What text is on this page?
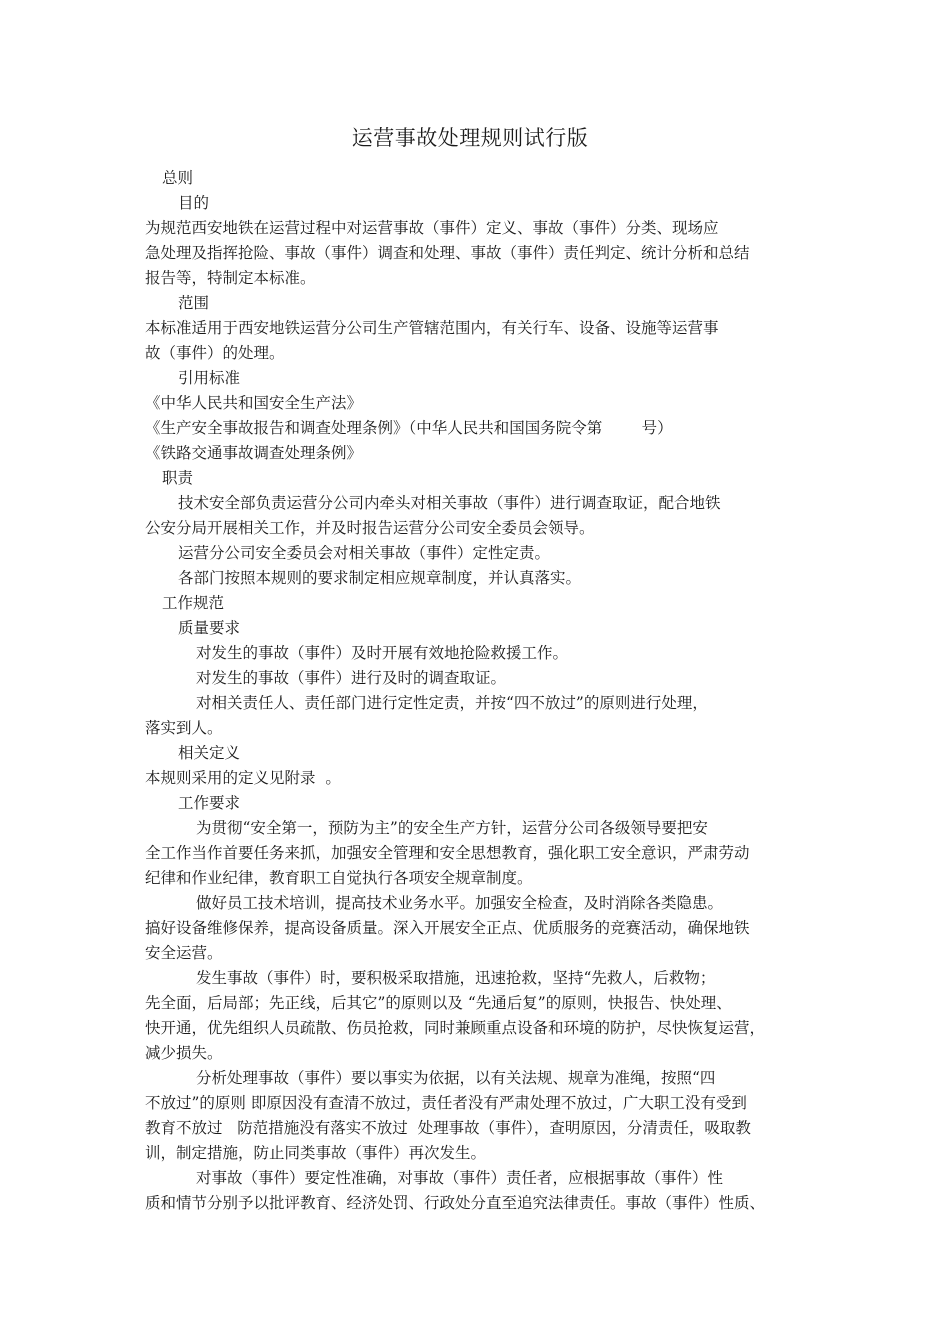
运营事故处理规则试行版
总则
目的
为规范西安地铁在运营过程中对运营事故（事件）定义、事故（事件）分类、现场应
急处理及指挥抢险、事故（事件）调查和处理、事故（事件）责任判定、统计分析和总结
报告等，特制定本标准。
范围
本标准适用于西安地铁运营分公司生产管辖范围内，有关行车、设备、设施等运营事
故（事件）的处理。
引用标准
《中华人民共和国安全生产法》
《生产安全事故报告和调查处理条例》（中华人民共和国国务院令第        号）
《铁路交通事故调查处理条例》
职责
技术安全部负责运营分公司内牵头对相关事故（事件）进行调查取证，配合地铁
公安分局开展相关工作，并及时报告运营分公司安全委员会领导。
运营分公司安全委员会对相关事故（事件）定性定责。
各部门按照本规则的要求制定相应规章制度，并认真落实。
工作规范
质量要求
对发生的事故（事件）及时开展有效地抢险救援工作。
对发生的事故（事件）进行及时的调查取证。
对相关责任人、责任部门进行定性定责，并按“四不放过”的原则进行处理，
落实到人。
相关定义
本规则采用的定义见附录  。
工作要求
为贯彻“安全第一，预防为主”的安全生产方针，运营分公司各级领导要把安
全工作当作首要任务来抓，加强安全管理和安全思想教育，强化职工安全意识，严肃劳动
纪律和作业纪律，教育职工自觉执行各项安全规章制度。
做好员工技术培训，提高技术业务水平。加强安全检查，及时消除各类隐患。
搞好设备维修保养，提高设备质量。深入开展安全正点、优质服务的竞赛活动，确保地铁
安全运营。
发生事故（事件）时，要积极采取措施，迅速抢救，坚持“先救人，后救物；
先全面，后局部；先正线，后其它”的原则以及 “先通后复”的原则，快报告、快处理、
快开通，优先组织人员疏散、伤员抢救，同时兼顾重点设备和环境的防护，尽快恢复运营，
减少损失。
分析处理事故（事件）要以事实为依据，以有关法规、规章为准绳，按照“四
不放过”的原则 即原因没有查清不放过，责任者没有严肃处理不放过，广大职工没有受到
教育不放过   防范措施没有落实不放过  处理事故（事件），查明原因，分清责任，吸取教
训，制定措施，防止同类事故（事件）再次发生。
对事故（事件）要定性准确，对事故（事件）责任者，应根据事故（事件）性
质和情节分别予以批评教育、经济处罚、行政处分直至追究法律责任。事故（事件）性质、
